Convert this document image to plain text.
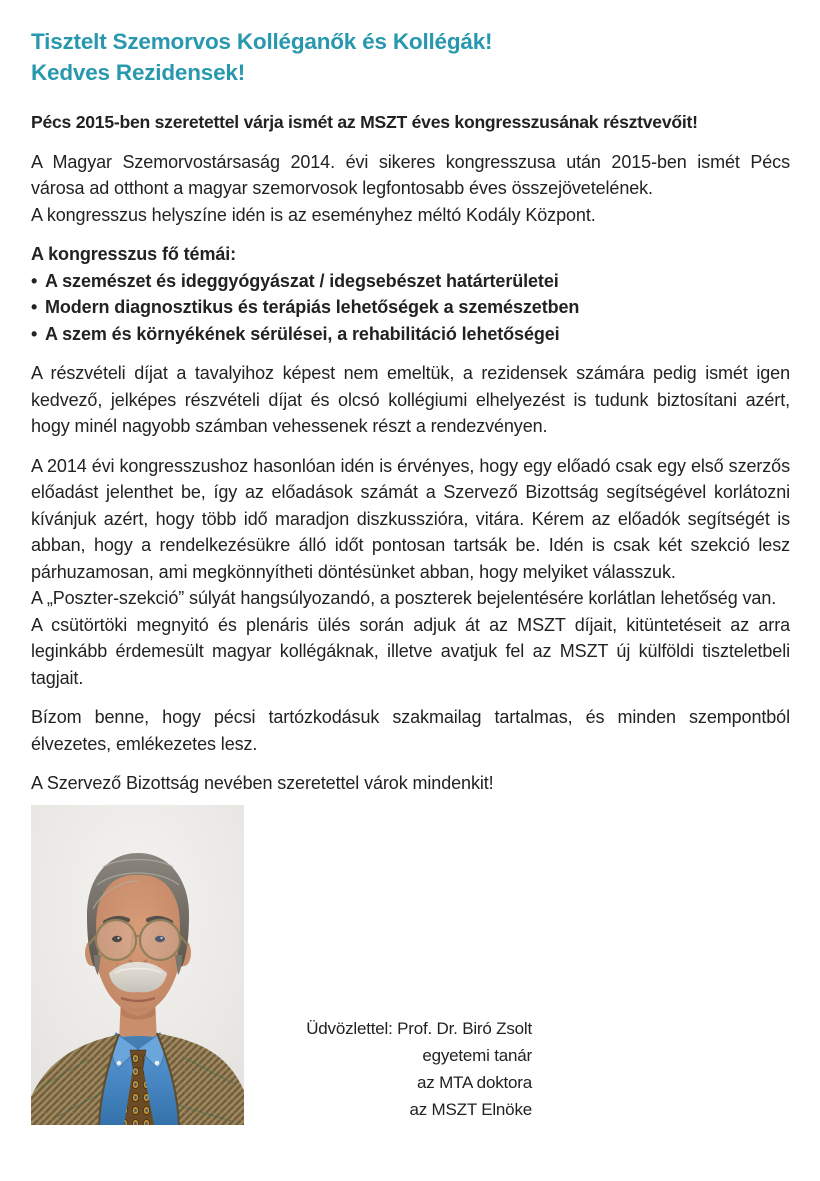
Tisztelt Szemorvos Kolléganők és Kollégák!
Kedves Rezidensek!

Pécs 2015-ben szeretettel várja ismét az MSZT éves kongresszusának résztvevőit!

A Magyar Szemorvostársaság 2014. évi sikeres kongresszusa után 2015-ben ismét Pécs városa ad otthont a magyar szemorvosok legfontosabb éves összejövetelének.

A kongresszus helyszíne idén is az eseményhez méltó Kodály Központ.

A kongresszus fő témái:

• A szemészet és ideggyógyászat / idegsebészet határterületei

• Modern diagnosztikus és terápiás lehetőségek a szemészetben

• A szem és környékének sérülései, a rehabilitáció lehetőségei

A részvételi díjat a tavalyihoz képest nem emeltük, a rezidensek számára pedig ismét igen kedvező, jelképes részvételi díjat és olcsó kollégiumi elhelyezést is tudunk biztosítani azért, hogy minél nagyobb számban vehessenek részt a rendezvényen.

A 2014 évi kongresszushoz hasonlóan idén is érvényes, hogy egy előadó csak egy első szerzős előadást jelenthet be, így az előadások számát a Szervező Bizottság segítségével korlátozni kívánjuk azért, hogy több idő maradjon diszkusszióra, vitára. Kérem az előadók segítségét is abban, hogy a rendelkezésükre álló időt pontosan tartsák be. Idén is csak két szekció lesz párhuzamosan, ami megkönnyítheti döntésünket abban, hogy melyiket válasszuk.

A „Poszter-szekció” súlyát hangsúlyozandó, a poszterek bejelentésére korlátlan lehetőség van.

A csütörtöki megnyitó és plenáris ülés során adjuk át az MSZT díjait, kitüntetéseit az arra leginkább érdemesült magyar kollégáknak, illetve avatjuk fel az MSZT új külföldi tiszteletbeli tagjait.

Bízom benne, hogy pécsi tartózkodásuk szakmailag tartalmas, és minden szempontból élvezetes, emlékezetes lesz.

A Szervező Bizottság nevében szeretettel várok mindenkit!

Üdvözlettel: Prof. Dr. Biró Zsolt
egyetemi tanár
az MTA doktora
az MSZT Elnöke
